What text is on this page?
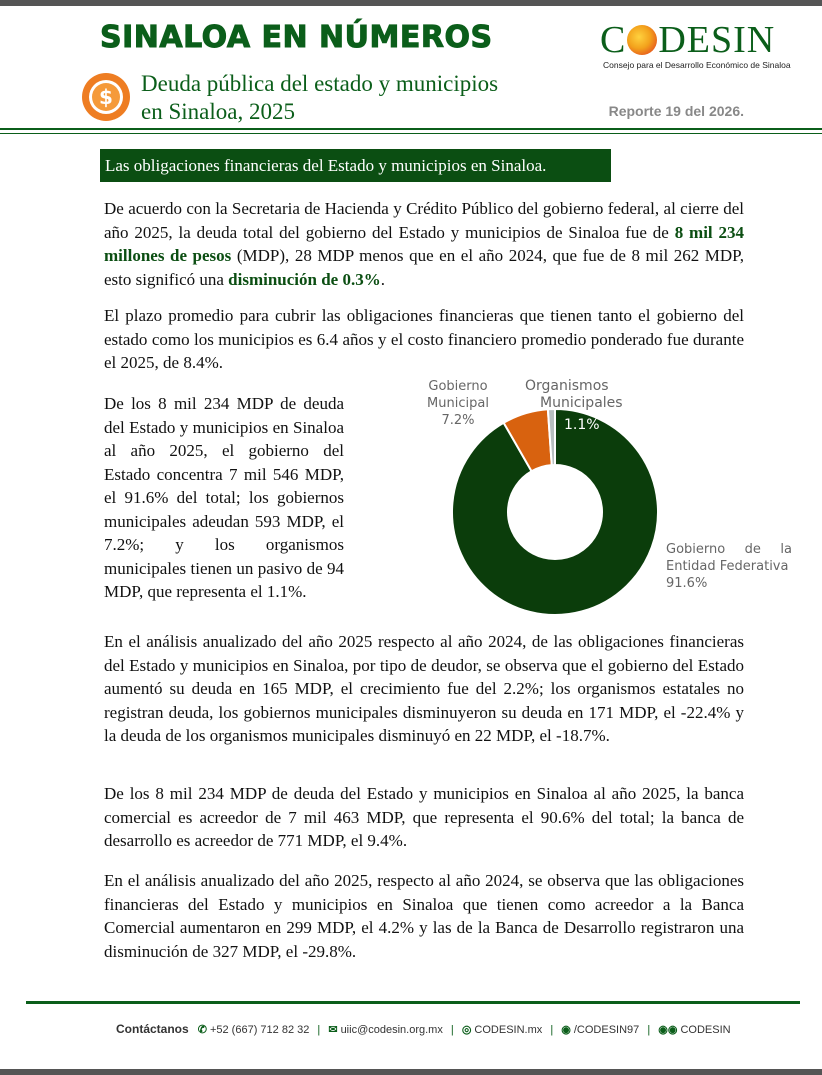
SINALOA EN NÚMEROS
$
Deuda pública del estado y municipios
en Sinaloa, 2025
C DESIN
Consejo para el Desarrollo Económico de Sinaloa
Reporte 19 del 2026.
Las obligaciones financieras del Estado y municipios en Sinaloa.
De acuerdo con la Secretaria de Hacienda y Crédito Público del gobierno federal, al cierre del año 2025, la deuda total del gobierno del Estado y municipios de Sinaloa fue de 8 mil 234 millones de pesos (MDP), 28 MDP menos que en el año 2024, que fue de 8 mil 262 MDP, esto significó una disminución de 0.3%.
El plazo promedio para cubrir las obligaciones financieras que tienen tanto el gobierno del estado como los municipios es 6.4 años y el costo financiero promedio ponderado fue durante el 2025, de 8.4%.
De los 8 mil 234 MDP de deuda del Estado y municipios en Sinaloa al año 2025, el gobierno del Estado concentra 7 mil 546 MDP, el 91.6% del total; los gobiernos municipales adeudan 593 MDP, el 7.2%; y los organismos municipales tienen un pasivo de 94 MDP, que representa el 1.1%.
Gobierno
Municipal
7.2%
Organismos
Municipales
1.1%
Gobierno de la
Entidad Federativa
91.6%
En el análisis anualizado del año 2025 respecto al año 2024, de las obligaciones financieras del Estado y municipios en Sinaloa, por tipo de deudor, se observa que el gobierno del Estado aumentó su deuda en 165 MDP, el crecimiento fue del 2.2%; los organismos estatales no registran deuda, los gobiernos municipales disminuyeron su deuda en 171 MDP, el -22.4% y la deuda de los organismos municipales disminuyó en 22 MDP, el -18.7%.
De los 8 mil 234 MDP de deuda del Estado y municipios en Sinaloa al año 2025, la banca comercial es acreedor de 7 mil 463 MDP, que representa el 90.6% del total; la banca de desarrollo es acreedor de 771 MDP, el 9.4%.
En el análisis anualizado del año 2025, respecto al año 2024, se observa que las obligaciones financieras del Estado y municipios en Sinaloa que tienen como acreedor a la Banca Comercial aumentaron en 299 MDP, el 4.2% y las de la Banca de Desarrollo registraron una disminución de 327 MDP, el -29.8%.
Contáctanos ✆ +52 (667) 712 82 32 | ✉ uiic@codesin.org.mx | ◎ CODESIN.mx | ◉ /CODESIN97 | ◉◉ CODESIN
